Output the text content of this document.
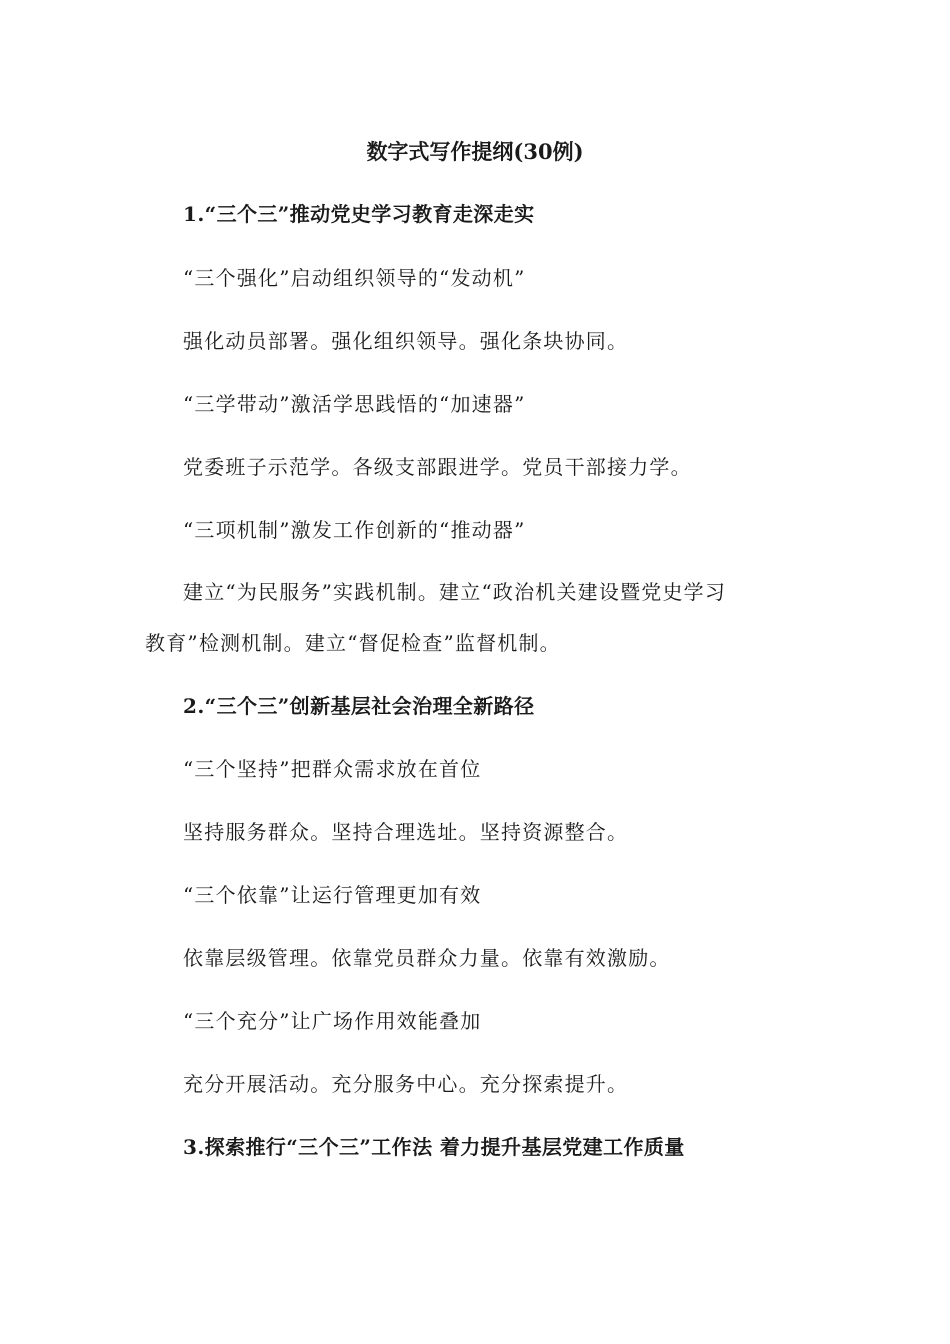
数字式写作提纲(30例)
1.“三个三”推动党史学习教育走深走实
“三个强化”启动组织领导的“发动机”
强化动员部署。强化组织领导。强化条块协同。
“三学带动”激活学思践悟的“加速器”
党委班子示范学。各级支部跟进学。党员干部接力学。
“三项机制”激发工作创新的“推动器”
建立“为民服务”实践机制。建立“政治机关建设暨党史学习
教育”检测机制。建立“督促检查”监督机制。
2.“三个三”创新基层社会治理全新路径
“三个坚持”把群众需求放在首位
坚持服务群众。坚持合理选址。坚持资源整合。
“三个依靠”让运行管理更加有效
依靠层级管理。依靠党员群众力量。依靠有效激励。
“三个充分”让广场作用效能叠加
充分开展活动。充分服务中心。充分探索提升。
3.探索推行“三个三”工作法 着力提升基层党建工作质量
